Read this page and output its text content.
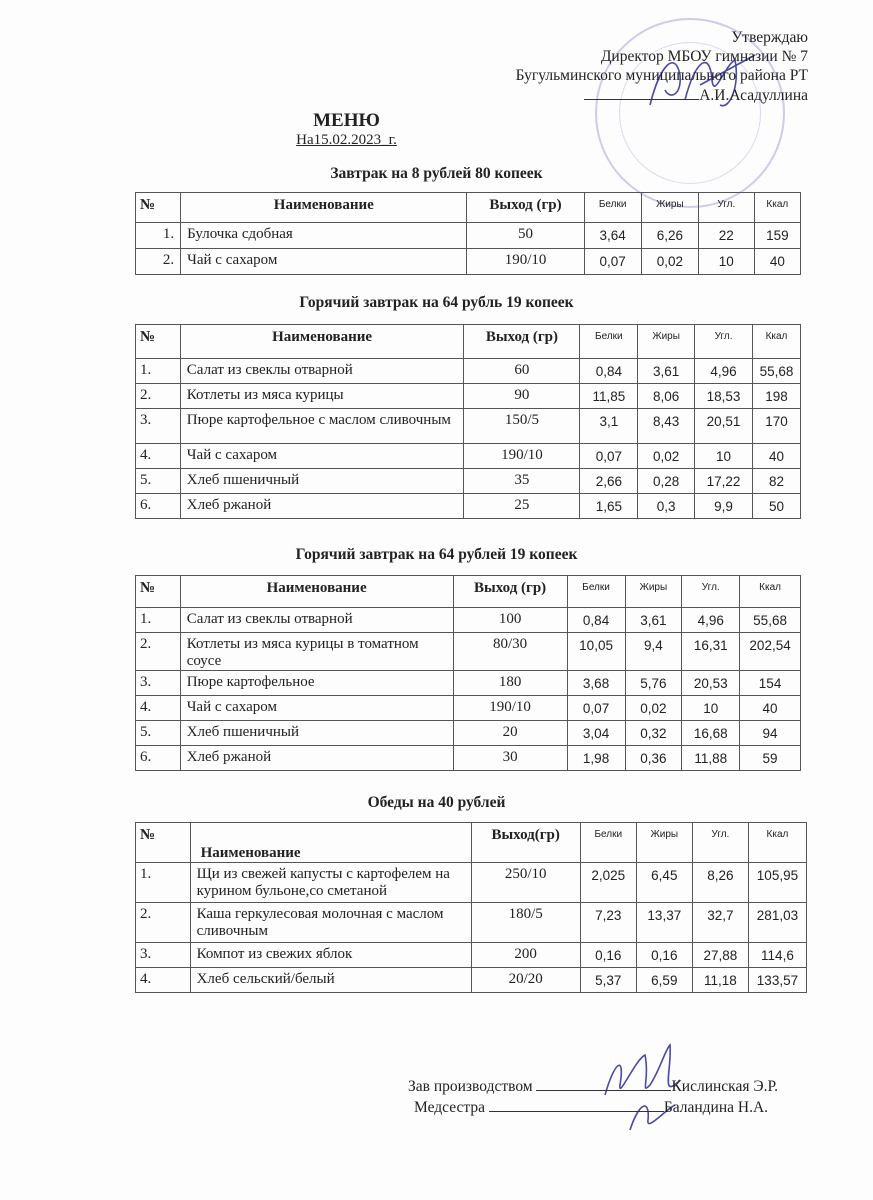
Утверждаю
Директор МБОУ гимназии № 7
Бугульминского муниципального района РТ
А.И.Асадуллина
МЕНЮ
На15.02.2023_г.
Завтрак на 8 рублей 80 копеек
Горячий завтрак на 64 рубль 19 копеек
Горячий завтрак на 64 рублей 19 копеек
Обеды на 40 рублей
№	Наименование	Выход (гр)	Белки	Жиры	Угл.	Ккал
1.	Булочка сдобная	50	3,64	6,26	22	159
2.	Чай с сахаром	190/10	0,07	0,02	10	40
№	Наименование	Выход (гр)	Белки	Жиры	Угл.	Ккал
1.	Салат из свеклы отварной	60	0,84	3,61	4,96	55,68
2.	Котлеты из мяса курицы	90	11,85	8,06	18,53	198
3.	Пюре картофельное с маслом сливочным	150/5	3,1	8,43	20,51	170
4.	Чай с сахаром	190/10	0,07	0,02	10	40
5.	Хлеб пшеничный	35	2,66	0,28	17,22	82
6.	Хлеб ржаной	25	1,65	0,3	9,9	50
№	Наименование	Выход (гр)	Белки	Жиры	Угл.	Ккал
1.	Салат из свеклы отварной	100	0,84	3,61	4,96	55,68
2.	Котлеты из мяса курицы в томатном соусе	80/30	10,05	9,4	16,31	202,54
3.	Пюре картофельное	180	3,68	5,76	20,53	154
4.	Чай с сахаром	190/10	0,07	0,02	10	40
5.	Хлеб пшеничный	20	3,04	0,32	16,68	94
6.	Хлеб ржаной	30	1,98	0,36	11,88	59
№	Наименование	Выход(гр)	Белки	Жиры	Угл.	Ккал
1.	Щи из свежей капусты с картофелем на курином бульоне,со сметаной	250/10	2,025	6,45	8,26	105,95
2.	Каша геркулесовая молочная с маслом сливочным	180/5	7,23	13,37	32,7	281,03
3.	Компот из свежих яблок	200	0,16	0,16	27,88	114,6
4.	Хлеб сельский/белый	20/20	5,37	6,59	11,18	133,57
Зав производством	Кислинская Э.Р.
Медсестра	Баландина Н.А.
